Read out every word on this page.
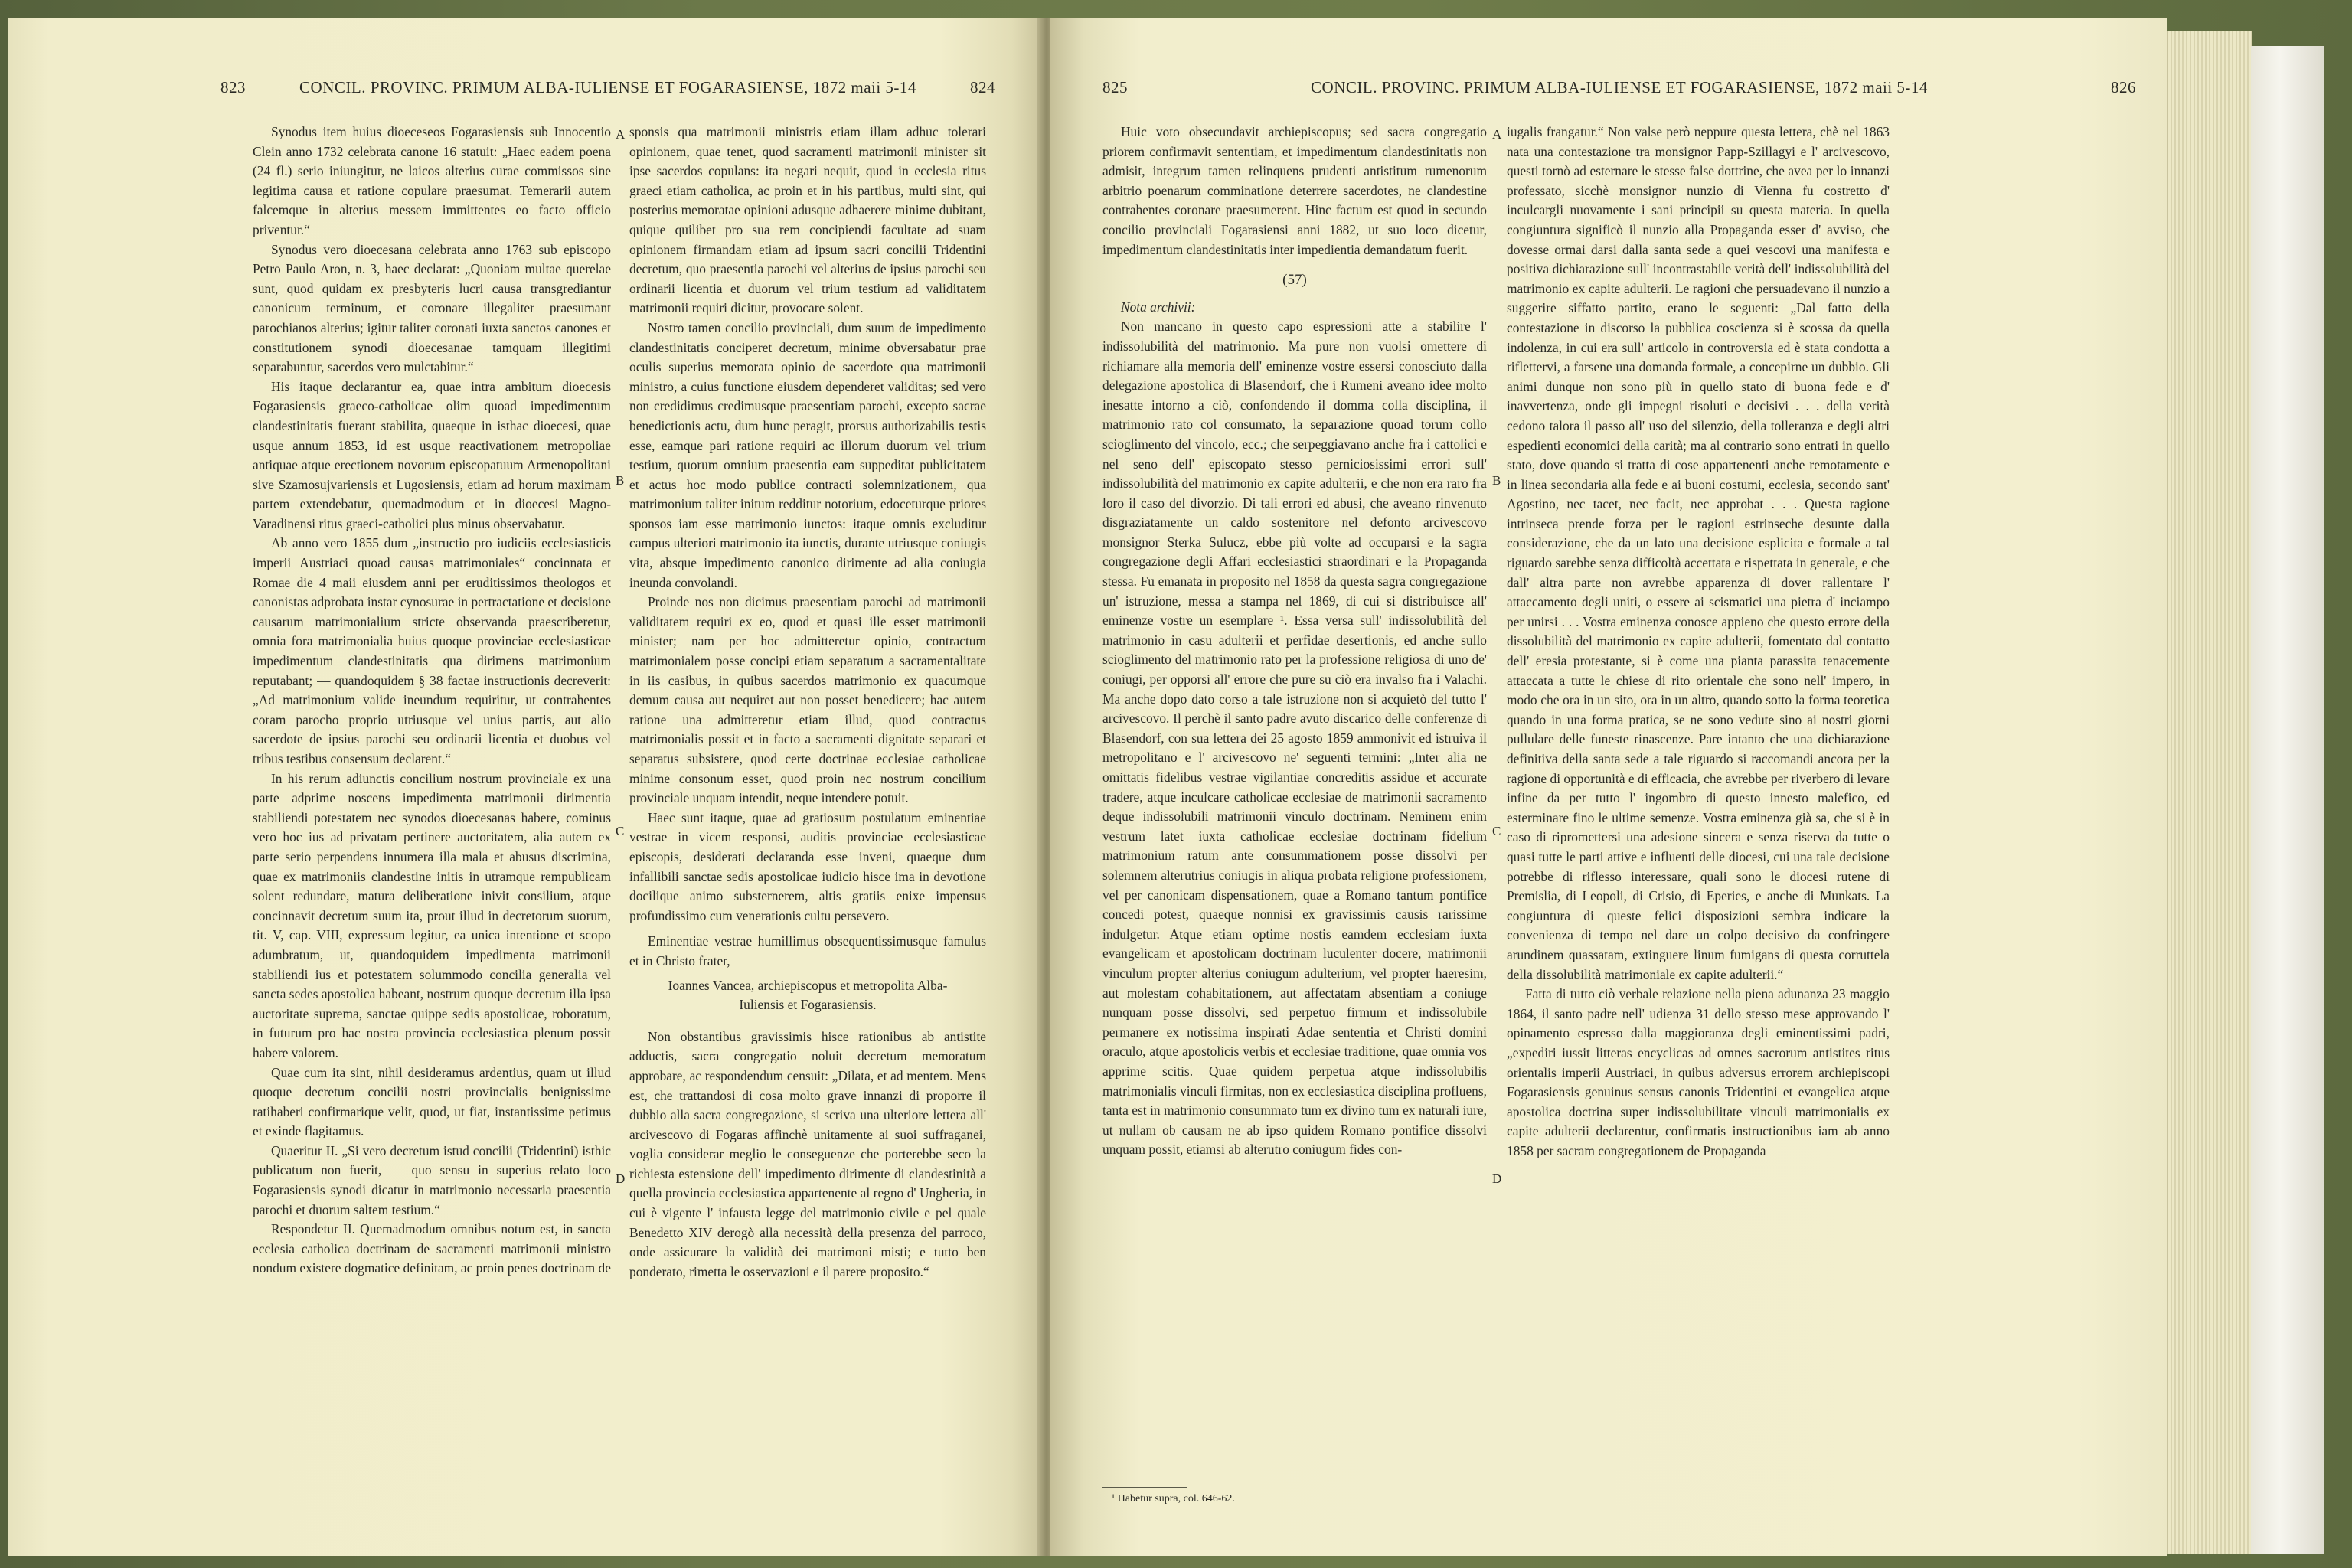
823	CONCIL. PROVINC. PRIMUM ALBA-IULIENSE ET FOGARASIENSE, 1872 maii 5-14	824

Synodus item huius dioeceseos Fogarasiensis sub Innocentio Clein anno 1732 celebrata canone 16 statuit: „Haec eadem poena (24 fl.) serio iniungitur, ne laicos alterius curae commissos sine legitima causa et ratione copulare praesumat. Temerarii autem falcemque in alterius messem immittentes eo facto officio priventur.“

Synodus vero dioecesana celebrata anno 1763 sub episcopo Petro Paulo Aron, n. 3, haec declarat: „Quoniam multae querelae sunt, quod quidam ex presbyteris lucri causa transgrediantur canonicum terminum, et coronare illegaliter praesumant parochianos alterius; igitur taliter coronati iuxta sanctos canones et constitutionem synodi dioecesanae tamquam illegitimi separabuntur, sacerdos vero mulctabitur.“

His itaque declarantur ea, quae intra ambitum dioecesis Fogarasiensis graeco-catholicae olim quoad impedimentum clandestinitatis fuerant stabilita, quaeque in isthac dioecesi, quae usque annum 1853, id est usque reactivationem metropoliae antiquae atque erectionem novorum episcopatuum Armenopolitani sive Szamosujvariensis et Lugosiensis, etiam ad horum maximam partem extendebatur, quemadmodum et in dioecesi Magno-Varadinensi ritus graeci-catholici plus minus observabatur.

Ab anno vero 1855 dum „instructio pro iudiciis ecclesiasticis imperii Austriaci quoad causas matrimoniales“ concinnata et Romae die 4 maii eiusdem anni per eruditissimos theologos et canonistas adprobata instar cynosurae in pertractatione et decisione causarum matrimonialium stricte observanda praescriberetur, omnia fora matrimonialia huius quoque provinciae ecclesiasticae impedimentum clandestinitatis qua dirimens matrimonium reputabant; — quandoquidem § 38 factae instructionis decreverit: „Ad matrimonium valide ineundum requiritur, ut contrahentes coram parocho proprio utriusque vel unius partis, aut alio sacerdote de ipsius parochi seu ordinarii licentia et duobus vel tribus testibus consensum declarent.“

In his rerum adiunctis concilium nostrum provinciale ex una parte adprime noscens impedimenta matrimonii dirimentia stabiliendi potestatem nec synodos dioecesanas habere, cominus vero hoc ius ad privatam pertinere auctoritatem, alia autem ex parte serio perpendens innumera illa mala et abusus discrimina, quae ex matrimoniis clandestine initis in utramque rempublicam solent redundare, matura deliberatione inivit consilium, atque concinnavit decretum suum ita, prout illud in decretorum suorum, tit. V, cap. VIII, expressum legitur, ea unica intentione et scopo adumbratum, ut, quandoquidem impedimenta matrimonii stabiliendi ius et potestatem solummodo concilia generalia vel sancta sedes apostolica habeant, nostrum quoque decretum illa ipsa auctoritate suprema, sanctae quippe sedis apostolicae, roboratum, in futurum pro hac nostra provincia ecclesiastica plenum possit habere valorem.

Quae cum ita sint, nihil desideramus ardentius, quam ut illud quoque decretum concilii nostri provincialis benignissime ratihaberi confirmarique velit, quod, ut fiat, instantissime petimus et exinde flagitamus.

Quaeritur II. „Si vero decretum istud concilii (Tridentini) isthic publicatum non fuerit, — quo sensu in superius relato loco Fogarasiensis synodi dicatur in matrimonio necessaria praesentia parochi et duorum saltem testium.“

Respondetur II. Quemadmodum omnibus notum est, in sancta ecclesia catholica doctrinam de sacramenti matrimonii ministro nondum existere dogmatice definitam, ac proin penes doctrinam de

A
B
C
D

sponsis qua matrimonii ministris etiam illam adhuc tolerari opinionem, quae tenet, quod sacramenti matrimonii minister sit ipse sacerdos copulans: ita negari nequit, quod in ecclesia ritus graeci etiam catholica, ac proin et in his partibus, multi sint, qui posterius memoratae opinioni adusque adhaerere minime dubitant, quique quilibet pro sua rem concipiendi facultate ad suam opinionem firmandam etiam ad ipsum sacri concilii Tridentini decretum, quo praesentia parochi vel alterius de ipsius parochi seu ordinarii licentia et duorum vel trium testium ad validitatem matrimonii requiri dicitur, provocare solent.

Nostro tamen concilio provinciali, dum suum de impedimento clandestinitatis conciperet decretum, minime obversabatur prae oculis superius memorata opinio de sacerdote qua matrimonii ministro, a cuius functione eiusdem dependeret validitas; sed vero non credidimus credimusque praesentiam parochi, excepto sacrae benedictionis actu, dum hunc peragit, prorsus authorizabilis testis esse, eamque pari ratione requiri ac illorum duorum vel trium testium, quorum omnium praesentia eam suppeditat publicitatem et actus hoc modo publice contracti solemnizationem, qua matrimonium taliter initum redditur notorium, edoceturque priores sponsos iam esse matrimonio iunctos: itaque omnis excluditur campus ulteriori matrimonio ita iunctis, durante utriusque coniugis vita, absque impedimento canonico dirimente ad alia coniugia ineunda convolandi.

Proinde nos non dicimus praesentiam parochi ad matrimonii validitatem requiri ex eo, quod et quasi ille esset matrimonii minister; nam per hoc admitteretur opinio, contractum matrimonialem posse concipi etiam separatum a sacramentalitate in iis casibus, in quibus sacerdos matrimonio ex quacumque demum causa aut nequiret aut non posset benedicere; hac autem ratione una admitteretur etiam illud, quod contractus matrimonialis possit et in facto a sacramenti dignitate separari et separatus subsistere, quod certe doctrinae ecclesiae catholicae minime consonum esset, quod proin nec nostrum concilium provinciale unquam intendit, neque intendere potuit.

Haec sunt itaque, quae ad gratiosum postulatum eminentiae vestrae in vicem responsi, auditis provinciae ecclesiasticae episcopis, desiderati declaranda esse inveni, quaeque dum infallibili sanctae sedis apostolicae iudicio hisce ima in devotione docilique animo substernerem, altis gratiis enixe impensus profundissimo cum venerationis cultu persevero.

Eminentiae vestrae humillimus obsequentissimusque famulus et in Christo frater,

Ioannes Vancea, archiepiscopus et metropolita Alba-Iuliensis et Fogarasiensis.

Non obstantibus gravissimis hisce rationibus ab antistite adductis, sacra congregatio noluit decretum memoratum approbare, ac respondendum censuit: „Dilata, et ad mentem. Mens est, che trattandosi di cosa molto grave innanzi di proporre il dubbio alla sacra congregazione, si scriva una ulteriore lettera all' arcivescovo di Fogaras affinchè unitamente ai suoi suffraganei, voglia considerar meglio le conseguenze che porterebbe seco la richiesta estensione dell' impedimento dirimente di clandestinità a quella provincia ecclesiastica appartenente al regno d' Ungheria, in cui è vigente l' infausta legge del matrimonio civile e pel quale Benedetto XIV derogò alla necessità della presenza del parroco, onde assicurare la validità dei matrimoni misti; e tutto ben ponderato, rimetta le osservazioni e il parere proposito.“

825	CONCIL. PROVINC. PRIMUM ALBA-IULIENSE ET FOGARASIENSE, 1872 maii 5-14	826

Huic voto obsecundavit archiepiscopus; sed sacra congregatio priorem confirmavit sententiam, et impedimentum clandestinitatis non admisit, integrum tamen relinquens prudenti antistitum rumenorum arbitrio poenarum comminatione deterrere sacerdotes, ne clandestine contrahentes coronare praesumerent. Hinc factum est quod in secundo concilio provinciali Fogarasiensi anni 1882, ut suo loco dicetur, impedimentum clandestinitatis inter impedientia demandatum fuerit.

(57)

Nota archivii:

Non mancano in questo capo espressioni atte a stabilire l' indissolubilità del matrimonio. Ma pure non vuolsi omettere di richiamare alla memoria dell' eminenze vostre essersi conosciuto dalla delegazione apostolica di Blasendorf, che i Rumeni aveano idee molto inesatte intorno a ciò, confondendo il domma colla disciplina, il matrimonio rato col consumato, la separazione quoad torum collo scioglimento del vincolo, ecc.; che serpeggiavano anche fra i cattolici e nel seno dell' episcopato stesso perniciosissimi errori sull' indissolubilità del matrimonio ex capite adulterii, e che non era raro fra loro il caso del divorzio. Di tali errori ed abusi, che aveano rinvenuto disgraziatamente un caldo sostenitore nel defonto arcivescovo monsignor Sterka Sulucz, ebbe più volte ad occuparsi e la sagra congregazione degli Affari ecclesiastici straordinari e la Propaganda stessa. Fu emanata in proposito nel 1858 da questa sagra congregazione un' istruzione, messa a stampa nel 1869, di cui si distribuisce all' eminenze vostre un esemplare ¹. Essa versa sull' indissolubilità del matrimonio in casu adulterii et perfidae desertionis, ed anche sullo scioglimento del matrimonio rato per la professione religiosa di uno de' coniugi, per opporsi all' errore che pure su ciò era invalso fra i Valachi. Ma anche dopo dato corso a tale istruzione non si acquietò del tutto l' arcivescovo. Il perchè il santo padre avuto discarico delle conferenze di Blasendorf, con sua lettera dei 25 agosto 1859 ammonivit ed istruiva il metropolitano e l' arcivescovo ne' seguenti termini: „Inter alia ne omittatis fidelibus vestrae vigilantiae concreditis assidue et accurate tradere, atque inculcare catholicae ecclesiae de matrimonii sacramento deque indissolubili matrimonii vinculo doctrinam. Neminem enim vestrum latet iuxta catholicae ecclesiae doctrinam fidelium matrimonium ratum ante consummationem posse dissolvi per solemnem alterutrius coniugis in aliqua probata religione professionem, vel per canonicam dispensationem, quae a Romano tantum pontifice concedi potest, quaeque nonnisi ex gravissimis causis rarissime indulgetur. Atque etiam optime nostis eamdem ecclesiam iuxta evangelicam et apostolicam doctrinam luculenter docere, matrimonii vinculum propter alterius coniugum adulterium, vel propter haeresim, aut molestam cohabitationem, aut affectatam absentiam a coniuge nunquam posse dissolvi, sed perpetuo firmum et indissolubile permanere ex notissima inspirati Adae sententia et Christi domini oraculo, atque apostolicis verbis et ecclesiae traditione, quae omnia vos apprime scitis. Quae quidem perpetua atque indissolubilis matrimonialis vinculi firmitas, non ex ecclesiastica disciplina profluens, tanta est in matrimonio consummato tum ex divino tum ex naturali iure, ut nullam ob causam ne ab ipso quidem Romano pontifice dissolvi unquam possit, etiamsi ab alterutro coniugum fides con-

¹ Habetur supra, col. 646-62.
A
B
C
D

iugalis frangatur.“ Non valse però neppure questa lettera, chè nel 1863 nata una contestazione tra monsignor Papp-Szillagyi e l' arcivescovo, questi tornò ad esternare le stesse false dottrine, che avea per lo innanzi professato, sicchè monsignor nunzio di Vienna fu costretto d' inculcargli nuovamente i sani principii su questa materia. In quella congiuntura significò il nunzio alla Propaganda esser d' avviso, che dovesse ormai darsi dalla santa sede a quei vescovi una manifesta e positiva dichiarazione sull' incontrastabile verità dell' indissolubilità del matrimonio ex capite adulterii. Le ragioni che persuadevano il nunzio a suggerire siffatto partito, erano le seguenti: „Dal fatto della contestazione in discorso la pubblica coscienza si è scossa da quella indolenza, in cui era sull' articolo in controversia ed è stata condotta a riflettervi, a farsene una domanda formale, a concepirne un dubbio. Gli animi dunque non sono più in quello stato di buona fede e d' inavvertenza, onde gli impegni risoluti e decisivi . . . della verità cedono talora il passo all' uso del silenzio, della tolleranza e degli altri espedienti economici della carità; ma al contrario sono entrati in quello stato, dove quando si tratta di cose appartenenti anche remotamente e in linea secondaria alla fede e ai buoni costumi, ecclesia, secondo sant' Agostino, nec tacet, nec facit, nec approbat . . . Questa ragione intrinseca prende forza per le ragioni estrinseche desunte dalla considerazione, che da un lato una decisione esplicita e formale a tal riguardo sarebbe senza difficoltà accettata e rispettata in generale, e che dall' altra parte non avrebbe apparenza di dover rallentare l' attaccamento degli uniti, o essere ai scismatici una pietra d' inciampo per unirsi . . . Vostra eminenza conosce appieno che questo errore della dissolubilità del matrimonio ex capite adulterii, fomentato dal contatto dell' eresia protestante, si è come una pianta parassita tenacemente attaccata a tutte le chiese di rito orientale che sono nell' impero, in modo che ora in un sito, ora in un altro, quando sotto la forma teoretica quando in una forma pratica, se ne sono vedute sino ai nostri giorni pullulare delle funeste rinascenze. Pare intanto che una dichiarazione definitiva della santa sede a tale riguardo si raccomandi ancora per la ragione di opportunità e di efficacia, che avrebbe per riverbero di levare infine da per tutto l' ingombro di questo innesto malefico, ed esterminare fino le ultime semenze. Vostra eminenza già sa, che si è in caso di ripromettersi una adesione sincera e senza riserva da tutte o quasi tutte le parti attive e influenti delle diocesi, cui una tale decisione potrebbe di riflesso interessare, quali sono le diocesi rutene di Premislia, di Leopoli, di Crisio, di Eperies, e anche di Munkats. La congiuntura di queste felici disposizioni sembra indicare la convenienza di tempo nel dare un colpo decisivo da confringere arundinem quassatam, extinguere linum fumigans di questa corruttela della dissolubilità matrimoniale ex capite adulterii.“

Fatta di tutto ciò verbale relazione nella piena adunanza 23 maggio 1864, il santo padre nell' udienza 31 dello stesso mese approvando l' opinamento espresso dalla maggioranza degli eminentissimi padri, „expediri iussit litteras encyclicas ad omnes sacrorum antistites ritus orientalis imperii Austriaci, in quibus adversus errorem archiepiscopi Fogarasiensis genuinus sensus canonis Tridentini et evangelica atque apostolica doctrina super indissolubilitate vinculi matrimonialis ex capite adulterii declarentur, confirmatis instructionibus iam ab anno 1858 per sacram congregationem de Propaganda
